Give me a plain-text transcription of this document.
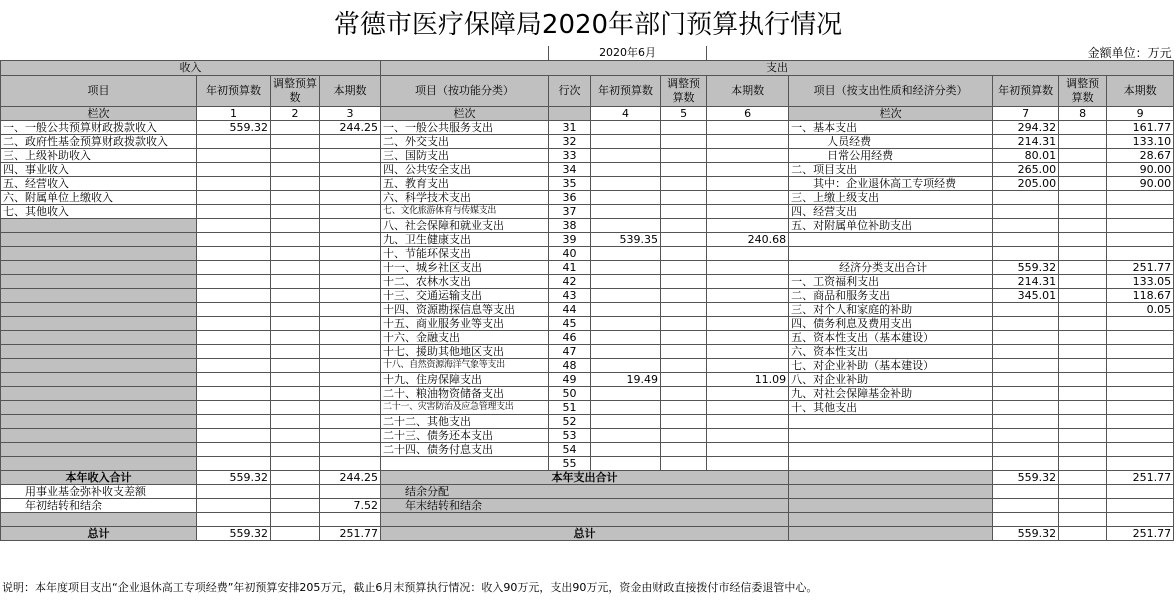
常德市医疗保障局2020年部门预算执行情况
					2020年6月			金额单位：万元				
收入				支出								
项目	年初预算数	调整预算数	本期数	项目（按功能分类）	行次	年初预算数	调整预算数	本期数	项目（按支出性质和经济分类）	年初预算数	调整预算数	本期数
栏次	1	2	3	栏次		4	5	6	栏次	7	8	9
一、一般公共预算财政拨款收入	559.32		244.25	一、一般公共服务支出	31				一、基本支出	294.32		161.77
二、政府性基金预算财政拨款收入				二、外交支出	32				人员经费	214.31		133.10
三、上级补助收入				三、国防支出	33				日常公用经费	80.01		28.67
四、事业收入				四、公共安全支出	34				二、项目支出	265.00		90.00
五、经营收入				五、教育支出	35				其中：企业退休高工专项经费	205.00		90.00
六、附属单位上缴收入				六、科学技术支出	36				三、上缴上级支出			
七、其他收入				七、文化旅游体育与传媒支出	37				四、经营支出			
				八、社会保障和就业支出	38				五、对附属单位补助支出			
				九、卫生健康支出	39	539.35		240.68				
				十、节能环保支出	40							
				十一、城乡社区支出	41				经济分类支出合计	559.32		251.77
				十二、农林水支出	42				一、工资福利支出	214.31		133.05
				十三、交通运输支出	43				二、商品和服务支出	345.01		118.67
				十四、资源勘探信息等支出	44				三、对个人和家庭的补助			0.05
				十五、商业服务业等支出	45				四、债务利息及费用支出			
				十六、金融支出	46				五、资本性支出（基本建设）			
				十七、援助其他地区支出	47				六、资本性支出			
				十八、自然资源海洋气象等支出	48				七、对企业补助（基本建设）			
				十九、住房保障支出	49	19.49		11.09	八、对企业补助			
				二十、粮油物资储备支出	50				九、对社会保障基金补助			
				二十一、灾害防治及应急管理支出	51				十、其他支出			
				二十二、其他支出	52							
				二十三、债务还本支出	53							
				二十四、债务付息支出	54							
					55							
本年收入合计	559.32		244.25	本年支出合计						559.32		251.77
用事业基金弥补收支差额				结余分配								
年初结转和结余			7.52	年末结转和结余								

总计	559.32		251.77	总计						559.32		251.77
说明：本年度项目支出“企业退休高工专项经费”年初预算安排205万元，截止6月末预算执行情况：收入90万元，支出90万元，资金由财政直接拨付市经信委退管中心。
